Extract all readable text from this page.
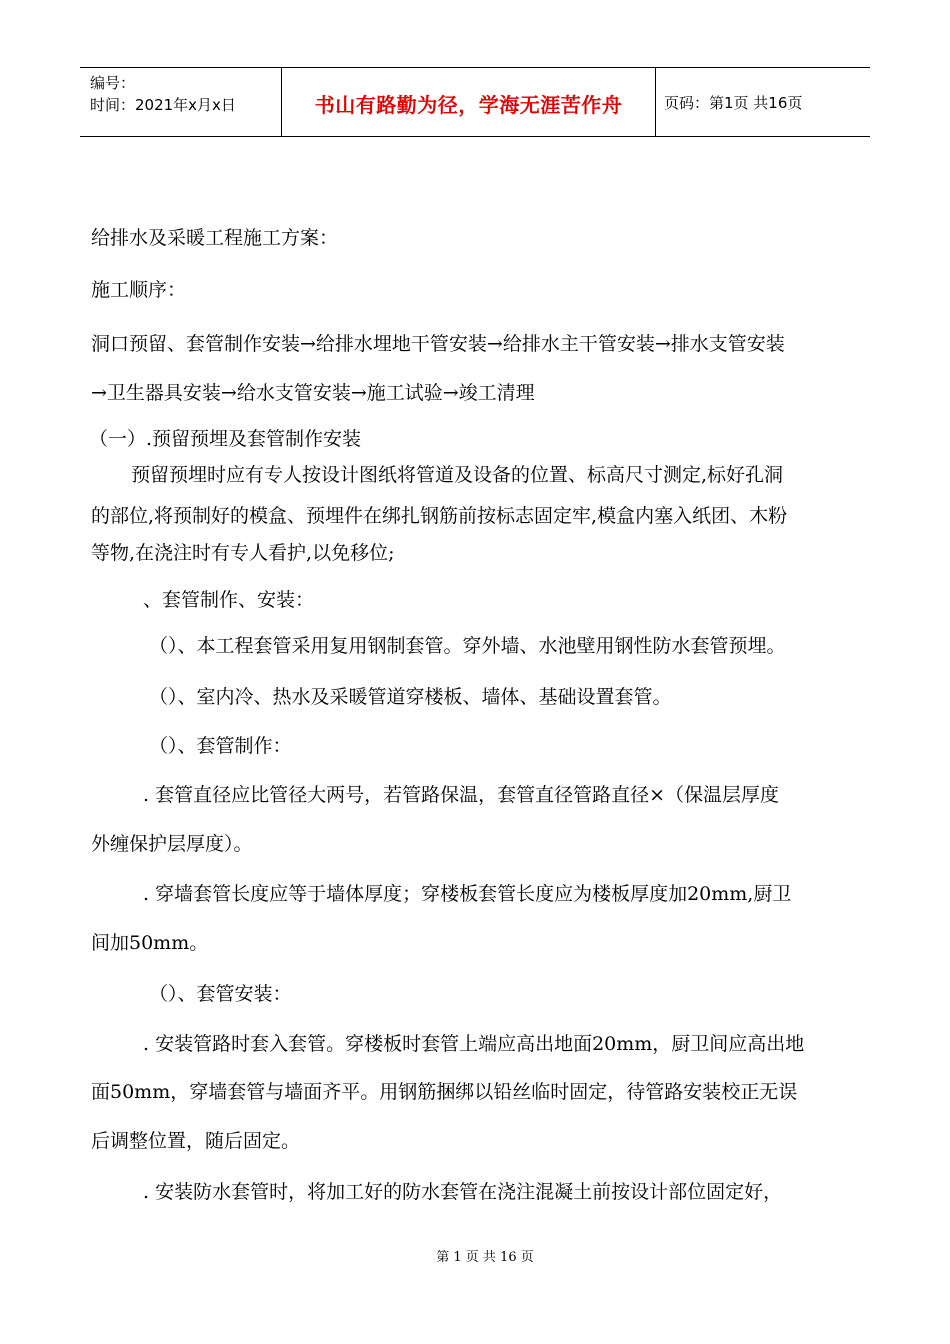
编号：
时间：2021年x月x日	书山有路勤为径，学海无涯苦作舟	页码：第1页 共16页
给排水及采暖工程施工方案：
施工顺序：
洞口预留、套管制作安装→给排水埋地干管安装→给排水主干管安装→排水支管安装
→卫生器具安装→给水支管安装→施工试验→竣工清理
（一）.预留预埋及套管制作安装
预留预埋时应有专人按设计图纸将管道及设备的位置、标高尺寸测定,标好孔洞
的部位,将预制好的模盒、预埋件在绑扎钢筋前按标志固定牢,模盒内塞入纸团、木粉
等物,在浇注时有专人看护,以免移位;
、套管制作、安装：
（）、本工程套管采用复用钢制套管。穿外墙、水池壁用钢性防水套管预埋。
（）、室内冷、热水及采暖管道穿楼板、墙体、基础设置套管。
（）、套管制作：
. 套管直径应比管径大两号，若管路保温，套管直径管路直径×（保温层厚度
外缠保护层厚度）。
. 穿墙套管长度应等于墙体厚度；穿楼板套管长度应为楼板厚度加20mm,厨卫
间加50mm。
（）、套管安装：
. 安装管路时套入套管。穿楼板时套管上端应高出地面20mm，厨卫间应高出地
面50mm，穿墙套管与墙面齐平。用钢筋捆绑以铅丝临时固定，待管路安装校正无误
后调整位置，随后固定。
. 安装防水套管时，将加工好的防水套管在浇注混凝土前按设计部位固定好，
第 1 页 共 16 页
